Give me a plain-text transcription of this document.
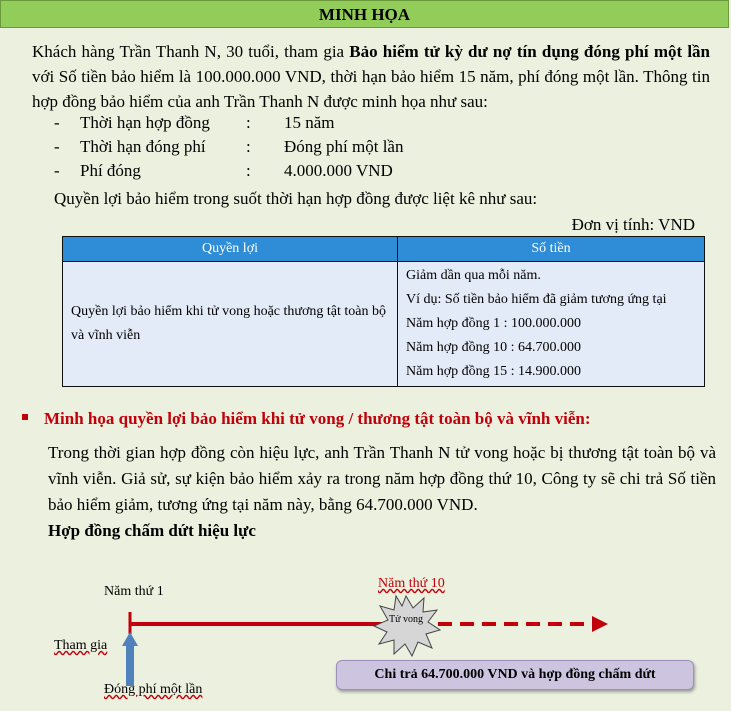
MINH HỌA
Khách hàng Trần Thanh N, 30 tuổi, tham gia Bảo hiểm tử kỳ dư nợ tín dụng đóng phí một lần với Số tiền bảo hiểm là 100.000.000 VND, thời hạn bảo hiểm 15 năm, phí đóng một lần. Thông tin hợp đồng bảo hiểm của anh Trần Thanh N được minh họa như sau:
-	Thời hạn hợp đồng	:	15 năm
-	Thời hạn đóng phí	:	Đóng phí một lần
-	Phí đóng	:	4.000.000 VND
Quyền lợi bảo hiểm trong suốt thời hạn hợp đồng được liệt kê như sau:
Đơn vị tính: VND
Quyền lợi	Số tiền
Quyền lợi bảo hiểm khi tử vong hoặc thương tật toàn bộ và vĩnh viễn	Giảm dần qua mỗi năm.
Ví dụ: Số tiền bảo hiểm đã giảm tương ứng tại
Năm hợp đồng 1 : 100.000.000
Năm hợp đồng 10 : 64.700.000
Năm hợp đồng 15 : 14.900.000
Minh họa quyền lợi bảo hiểm khi tử vong / thương tật toàn bộ và vĩnh viễn:
Trong thời gian hợp đồng còn hiệu lực, anh Trần Thanh N tử vong hoặc bị thương tật toàn bộ và vĩnh viễn. Giả sử, sự kiện bảo hiểm xảy ra trong năm hợp đồng thứ 10, Công ty sẽ chi trả Số tiền bảo hiểm giảm, tương ứng tại năm này, bằng 64.700.000 VND.
Hợp đồng chấm dứt hiệu lực
Năm thứ 1
Tham gia
Đóng phí một lần
Năm thứ 10
Tử vong
Chi trả 64.700.000 VND và hợp đồng chấm dứt
